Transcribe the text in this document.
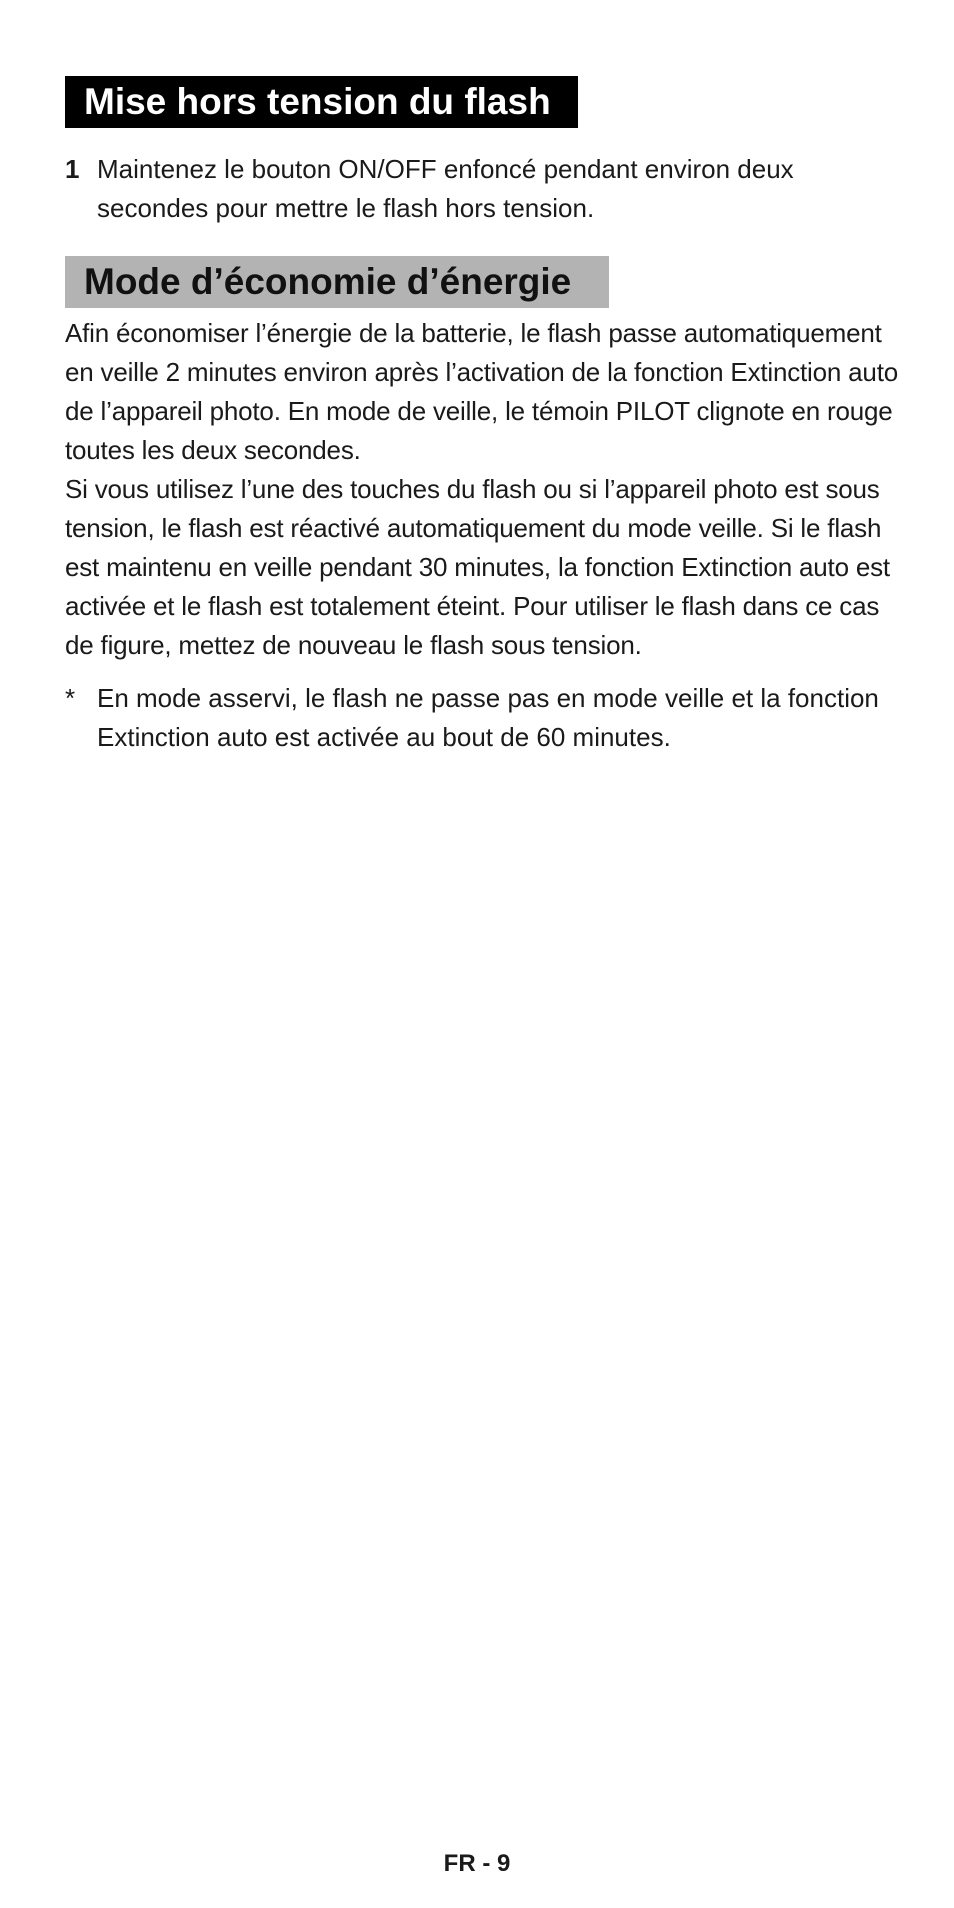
Mise hors tension du flash
1 Maintenez le bouton ON/OFF enfoncé pendant environ deux secondes pour mettre le flash hors tension.
Mode d’économie d’énergie

Afin économiser l’énergie de la batterie, le flash passe automatiquement en veille 2 minutes environ après l’activation de la fonction Extinction auto de l’appareil photo. En mode de veille, le témoin PILOT clignote en rouge toutes les deux secondes.

Si vous utilisez l’une des touches du flash ou si l’appareil photo est sous tension, le flash est réactivé automatiquement du mode veille. Si le flash est maintenu en veille pendant 30 minutes, la fonction Extinction auto est activée et le flash est totalement éteint. Pour utiliser le flash dans ce cas de figure, mettez de nouveau le flash sous tension.

* En mode asservi, le flash ne passe pas en mode veille et la fonction Extinction auto est activée au bout de 60 minutes.
FR - 9
